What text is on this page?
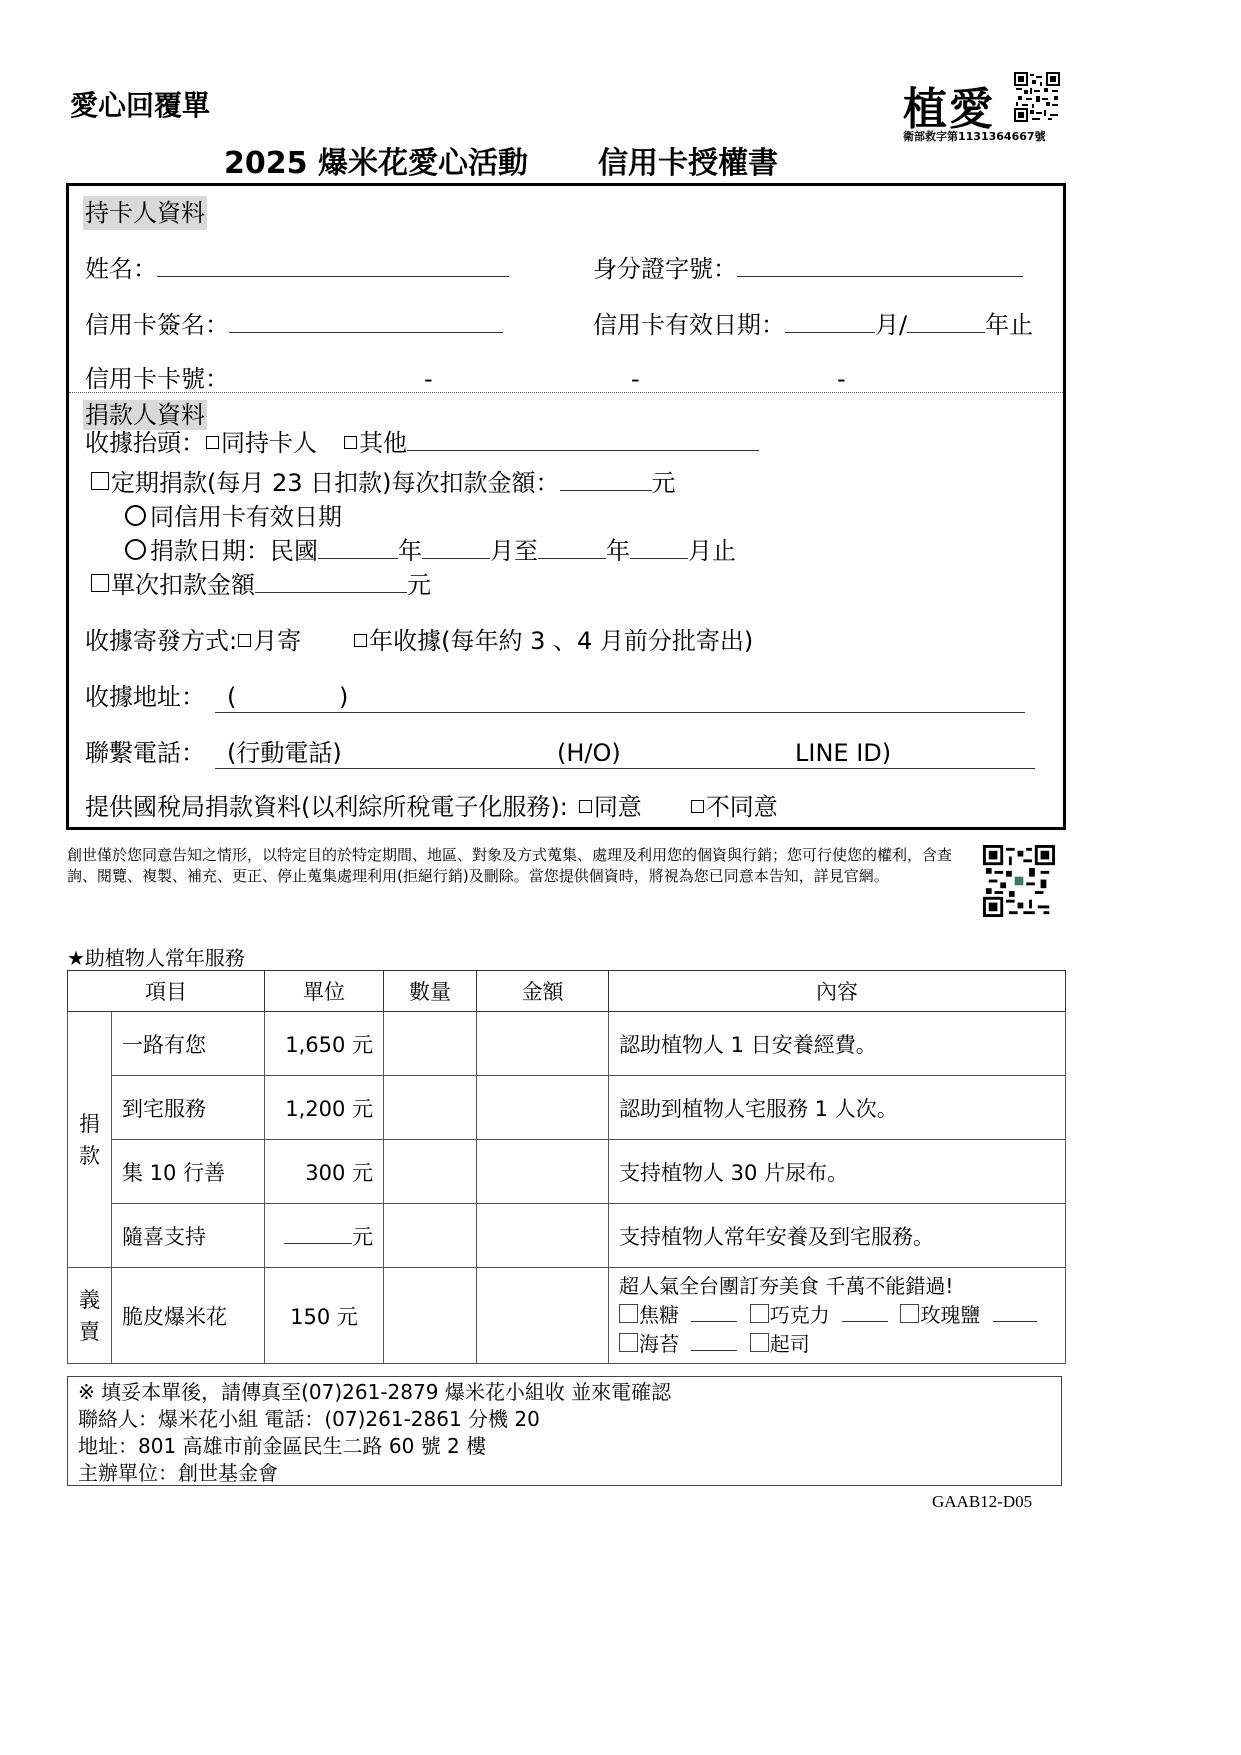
愛心回覆單
2025 爆米花愛心活動 信用卡授權書
植愛
衛部救字第1131364667號
持卡人資料
姓名：	身分證字號：
信用卡簽名：	信用卡有效日期：	月/	年止
信用卡卡號：	-	-	-
捐款人資料
收據抬頭： 同持卡人 其他
定期捐款(每月 23 日扣款)每次扣款金額：	元
同信用卡有效日期
捐款日期：民國	年	月至	年 月止
單次扣款金額	元
收據寄發方式: 月寄	年收據(每年約 3 、4 月前分批寄出)
收據地址： (	)
聯繫電話： (行動電話)	(H/O)	LINE ID)
提供國稅局捐款資料(以利綜所稅電子化服務): 同意	不同意
創世僅於您同意告知之情形，以特定目的於特定期間、地區、對象及方式蒐集、處理及利用您的個資與行銷；您可行使您的權利，含查詢、閱覽、複製、補充、更正、停止蒐集處理利用(拒絕行銷)及刪除。當您提供個資時，將視為您已同意本告知，詳見官網。
★助植物人常年服務
項目		單位	數量	金額	內容
捐款	一路有您	1,650 元			認助植物人 1 日安養經費。
	到宅服務	1,200 元			認助到植物人宅服務 1 人次。
	集 10 行善	300 元			支持植物人 30 片尿布。
	隨喜支持	元			支持植物人常年安養及到宅服務。
義賣	脆皮爆米花	150 元			超人氣全台團訂夯美食 千萬不能錯過!
焦糖 巧克力 玫瑰鹽
海苔 起司
※ 填妥本單後，請傳真至(07)261-2879 爆米花小組收 並來電確認
聯絡人：爆米花小組 電話：(07)261-2861 分機 20
地址：801 高雄市前金區民生二路 60 號 2 樓
主辦單位：創世基金會
GAAB12-D05
